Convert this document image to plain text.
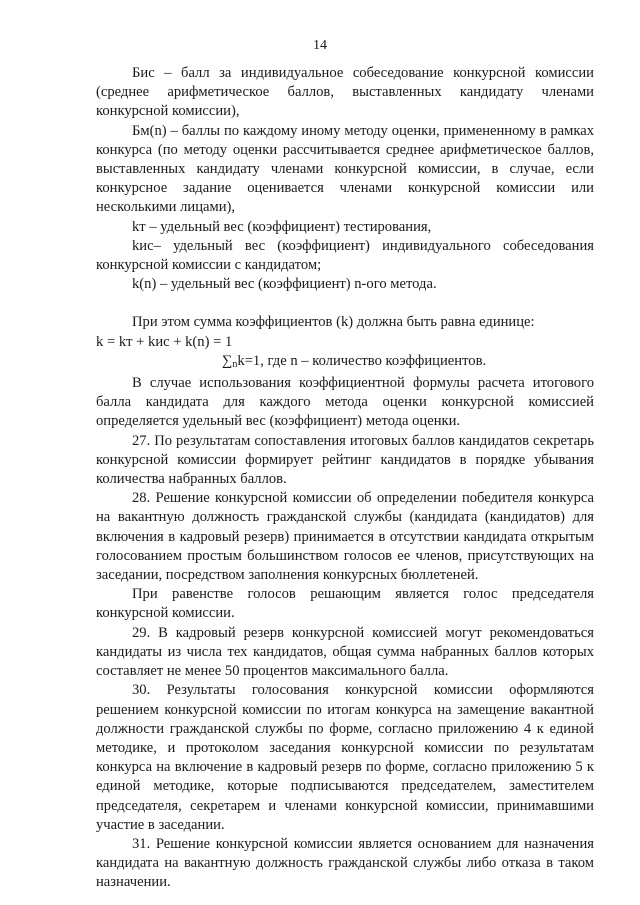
14

Бис – балл за индивидуальное собеседование конкурсной комиссии (среднее арифметическое баллов, выставленных кандидату членами конкурсной комиссии),

Бм(n) – баллы по каждому иному методу оценки, примененному в рамках конкурса (по методу оценки рассчитывается среднее арифметическое баллов, выставленных кандидату членами конкурсной комиссии, в случае, если конкурсное задание оценивается членами конкурсной комиссии или несколькими лицами),

kт – удельный вес (коэффициент) тестирования,

kис– удельный вес (коэффициент) индивидуального собеседования конкурсной комиссии с кандидатом;

k(n) – удельный вес (коэффициент) n-ого метода.

При этом сумма коэффициентов (k) должна быть равна единице:

k = kт + kис + k(n) = 1

$\sum_nk=1$, где n – количество коэффициентов.

В случае использования коэффициентной формулы расчета итогового балла кандидата для каждого метода оценки конкурсной комиссией определяется удельный вес (коэффициент) метода оценки.

27. По результатам сопоставления итоговых баллов кандидатов секретарь конкурсной комиссии формирует рейтинг кандидатов в порядке убывания количества набранных баллов.

28. Решение конкурсной комиссии об определении победителя конкурса на вакантную должность гражданской службы (кандидата (кандидатов) для включения в кадровый резерв) принимается в отсутствии кандидата открытым голосованием простым большинством голосов ее членов, присутствующих на заседании, посредством заполнения конкурсных бюллетеней.

При равенстве голосов решающим является голос председателя конкурсной комиссии.

29. В кадровый резерв конкурсной комиссией могут рекомендоваться кандидаты из числа тех кандидатов, общая сумма набранных баллов которых составляет не менее 50 процентов максимального балла.

30. Результаты голосования конкурсной комиссии оформляются решением конкурсной комиссии по итогам конкурса на замещение вакантной должности гражданской службы по форме, согласно приложению 4 к единой методике, и протоколом заседания конкурсной комиссии по результатам конкурса на включение в кадровый резерв по форме, согласно приложению 5 к единой методике, которые подписываются председателем, заместителем председателя, секретарем и членами конкурсной комиссии, принимавшими участие в заседании.

31. Решение конкурсной комиссии является основанием для назначения кандидата на вакантную должность гражданской службы либо отказа в таком назначении.
